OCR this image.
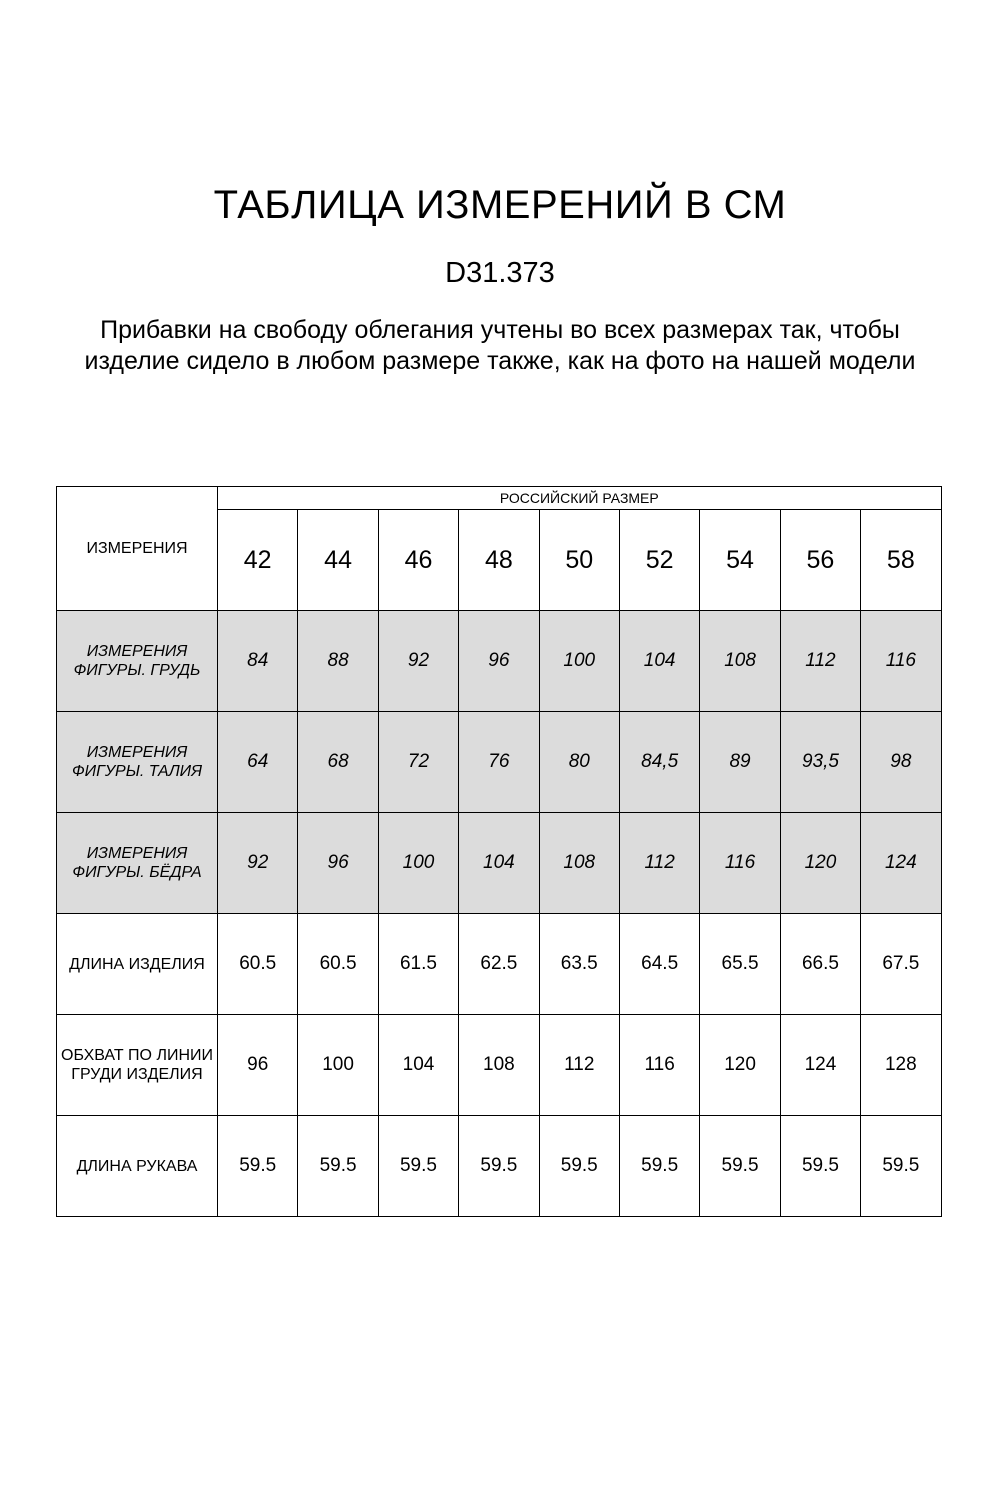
ТАБЛИЦА ИЗМЕРЕНИЙ В СМ
D31.373
Прибавки на свободу облегания учтены во всех размерах так, чтобы изделие сидело в любом размере также, как на фото на нашей модели
ИЗМЕРЕНИЯ	РОССИЙСКИЙ РАЗМЕР								
	42	44	46	48	50	52	54	56	58
ИЗМЕРЕНИЯ ФИГУРЫ. ГРУДЬ	84	88	92	96	100	104	108	112	116
ИЗМЕРЕНИЯ ФИГУРЫ. ТАЛИЯ	64	68	72	76	80	84,5	89	93,5	98
ИЗМЕРЕНИЯ ФИГУРЫ. БЁДРА	92	96	100	104	108	112	116	120	124
ДЛИНА ИЗДЕЛИЯ	60.5	60.5	61.5	62.5	63.5	64.5	65.5	66.5	67.5
ОБХВАТ ПО ЛИНИИ ГРУДИ ИЗДЕЛИЯ	96	100	104	108	112	116	120	124	128
ДЛИНА РУКАВА	59.5	59.5	59.5	59.5	59.5	59.5	59.5	59.5	59.5
